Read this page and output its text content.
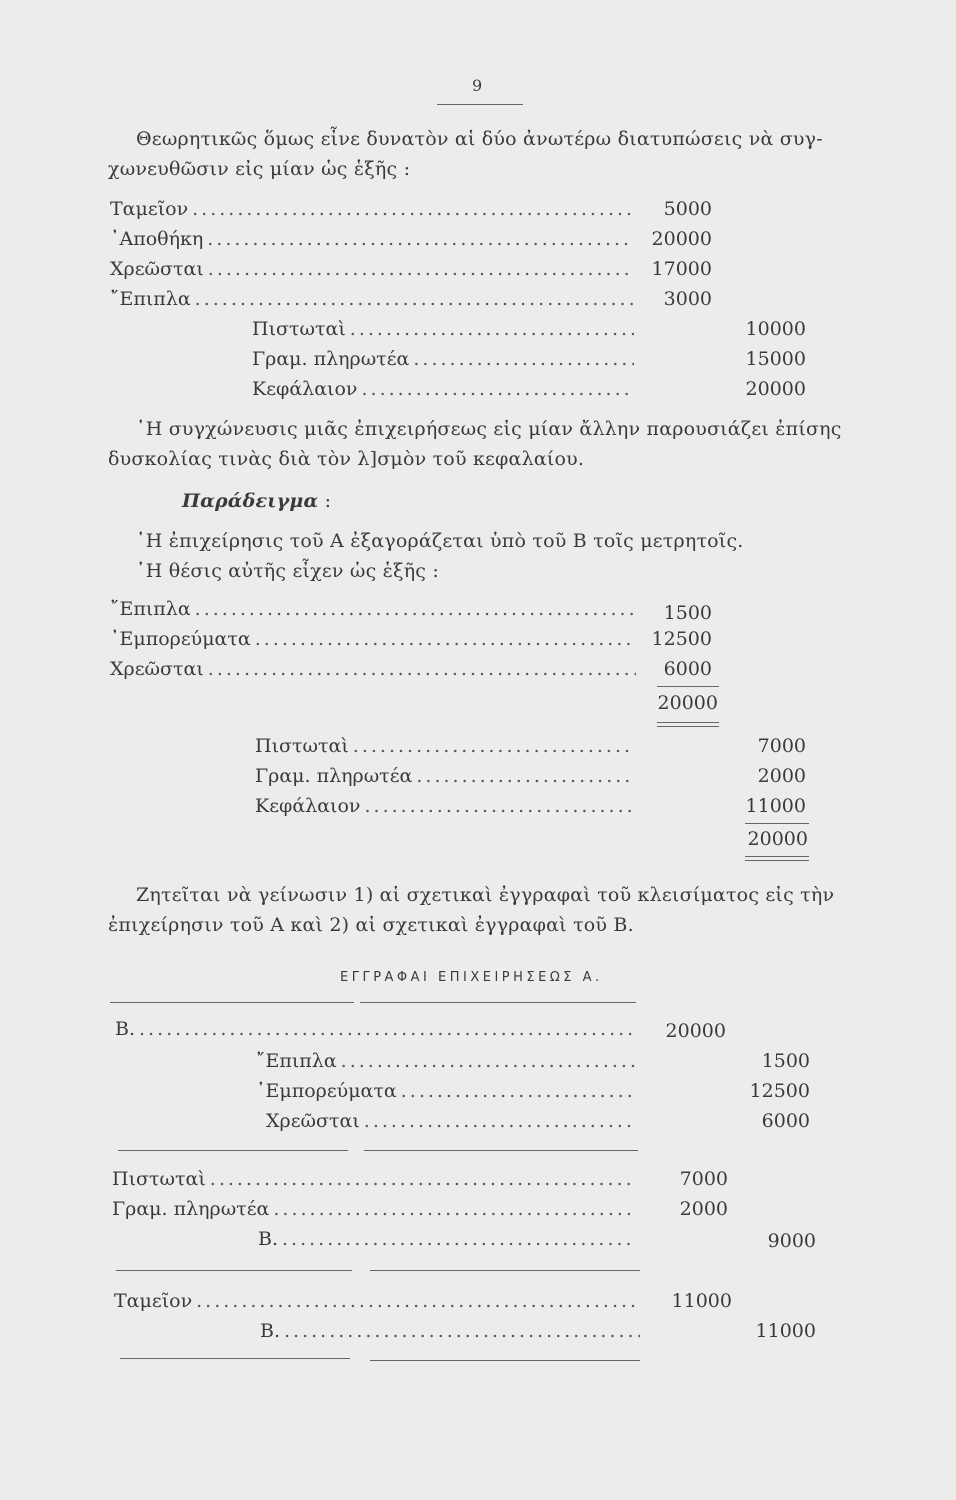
9
Θεωρητικῶς ὅμως εἶνε δυνατὸν αἱ δύο ἀνωτέρω διατυπώσεις νὰ συγ-
χωνευθῶσιν εἰς μίαν ὡς ἑξῆς :
Ταμεῖον .....	5000
᾿Αποθήκη .....	20000
Χρεῶσται .....	17000
῎Επιπλα .....	3000
Πιστωταὶ .....	10000
Γραμ. πληρωτέα .....	15000
Κεφάλαιον .....	20000
῾Η συγχώνευσις μιᾶς ἐπιχειρήσεως εἰς μίαν ἄλλην παρουσιάζει ἐπίσης
δυσκολίας τινὰς διὰ τὸν λ]σμὸν τοῦ κεφαλαίου.
Παράδειγμα :
῾Η ἐπιχείρησις τοῦ Α ἐξαγοράζεται ὑπὸ τοῦ Β τοῖς μετρητοῖς.
῾Η θέσις αὐτῆς εἶχεν ὡς ἑξῆς :
῎Επιπλα .....	1500
᾿Εμπορεύματα .....	12500
Χρεῶσται .....	6000
20000
Πιστωταὶ .....	7000
Γραμ. πληρωτέα .....	2000
Κεφάλαιον .....	11000
20000
Ζητεῖται νὰ γείνωσιν 1) αἱ σχετικαὶ ἐγγραφαὶ τοῦ κλεισίματος εἰς τὴν
ἐπιχείρησιν τοῦ Α καὶ 2) αἱ σχετικαὶ ἐγγραφαὶ τοῦ Β.
ΕΓΓΡΑΦΑΙ ΕΠΙΧΕΙΡΗΣΕΩΣ Α.
Β. .....	20000
῎Επιπλα .....	1500
᾿Εμπορεύματα .....	12500
Χρεῶσται .....	6000
Πιστωταὶ .....	7000
Γραμ. πληρωτέα .....	2000
Β. .....	9000
Ταμεῖον .....	11000
Β. .....	11000
